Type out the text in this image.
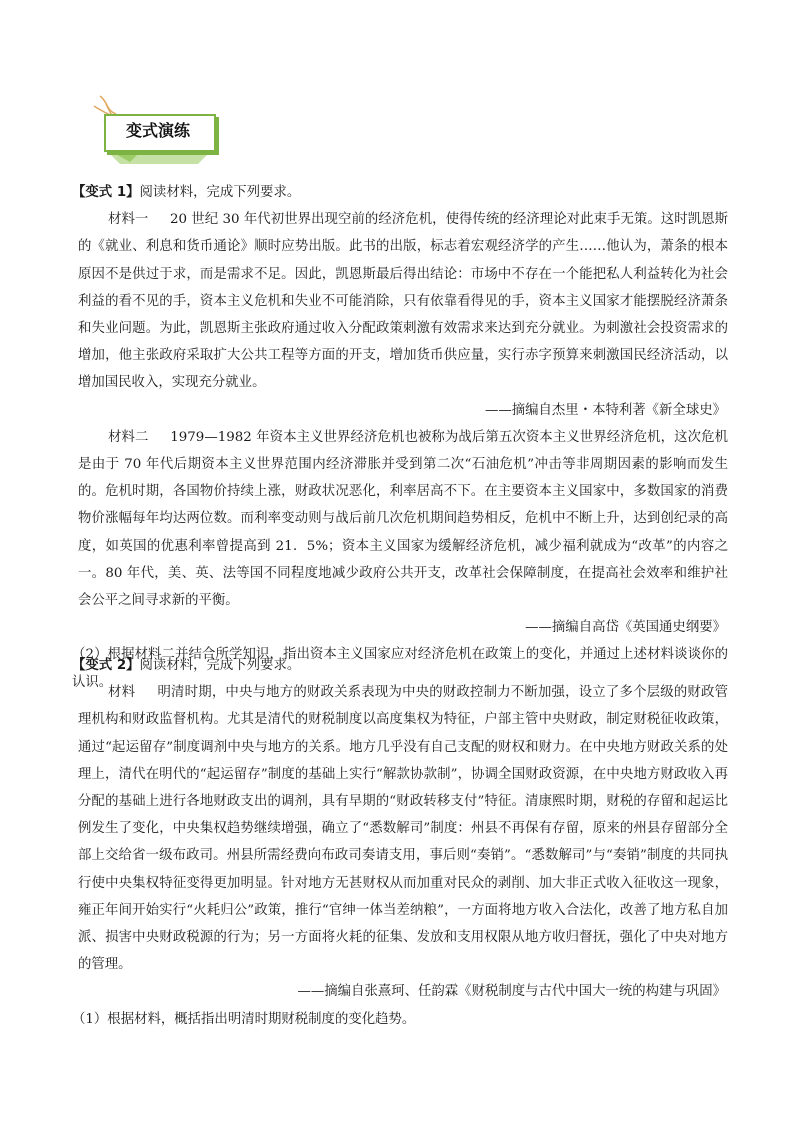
变式演练

【变式 1】阅读材料，完成下列要求。

材料一 20 世纪 30 年代初世界出现空前的经济危机，使得传统的经济理论对此束手无策。这时凯恩斯的《就业、利息和货币通论》顺时应势出版。此书的出版，标志着宏观经济学的产生……他认为，萧条的根本原因不是供过于求，而是需求不足。因此，凯恩斯最后得出结论：市场中不存在一个能把私人利益转化为社会利益的看不见的手，资本主义危机和失业不可能消除，只有依靠看得见的手，资本主义国家才能摆脱经济萧条和失业问题。为此，凯恩斯主张政府通过收入分配政策刺激有效需求来达到充分就业。为刺激社会投资需求的增加，他主张政府采取扩大公共工程等方面的开支，增加货币供应量，实行赤字预算来刺激国民经济活动，以增加国民收入，实现充分就业。

——摘编自杰里・本特利著《新全球史》

材料二 1979—1982 年资本主义世界经济危机也被称为战后第五次资本主义世界经济危机，这次危机是由于 70 年代后期资本主义世界范围内经济滞胀并受到第二次“石油危机”冲击等非周期因素的影响而发生的。危机时期，各国物价持续上涨，财政状况恶化，利率居高不下。在主要资本主义国家中，多数国家的消费物价涨幅每年均达两位数。而利率变动则与战后前几次危机期间趋势相反，危机中不断上升，达到创纪录的高度，如英国的优惠利率曾提高到 21．5%；资本主义国家为缓解经济危机，减少福利就成为“改革”的内容之一。80 年代，美、英、法等国不同程度地减少政府公共开支，改革社会保障制度，在提高社会效率和维护社会公平之间寻求新的平衡。

——摘编自高岱《英国通史纲要》

（2）根据材料二并结合所学知识，指出资本主义国家应对经济危机在政策上的变化，并通过上述材料谈谈你的认识。

【变式 2】阅读材料，完成下列要求。

材料 明清时期，中央与地方的财政关系表现为中央的财政控制力不断加强，设立了多个层级的财政管理机构和财政监督机构。尤其是清代的财税制度以高度集权为特征，户部主管中央财政，制定财税征收政策，通过“起运留存”制度调剂中央与地方的关系。地方几乎没有自己支配的财权和财力。在中央地方财政关系的处理上，清代在明代的“起运留存”制度的基础上实行“解款协款制”，协调全国财政资源，在中央地方财政收入再分配的基础上进行各地财政支出的调剂，具有早期的“财政转移支付”特征。清康熙时期，财税的存留和起运比例发生了变化，中央集权趋势继续增强，确立了“悉数解司”制度：州县不再保有存留，原来的州县存留部分全部上交给省一级布政司。州县所需经费向布政司奏请支用，事后则“奏销”。“悉数解司”与“奏销”制度的共同执行使中央集权特征变得更加明显。针对地方无甚财权从而加重对民众的剥削、加大非正式收入征收这一现象，雍正年间开始实行“火耗归公”政策，推行“官绅一体当差纳粮”，一方面将地方收入合法化，改善了地方私自加派、损害中央财政税源的行为；另一方面将火耗的征集、发放和支用权限从地方收归督抚，强化了中央对地方的管理。

——摘编自张熹珂、任韵霖《财税制度与古代中国大一统的构建与巩固》

（1）根据材料，概括指出明清时期财税制度的变化趋势。
